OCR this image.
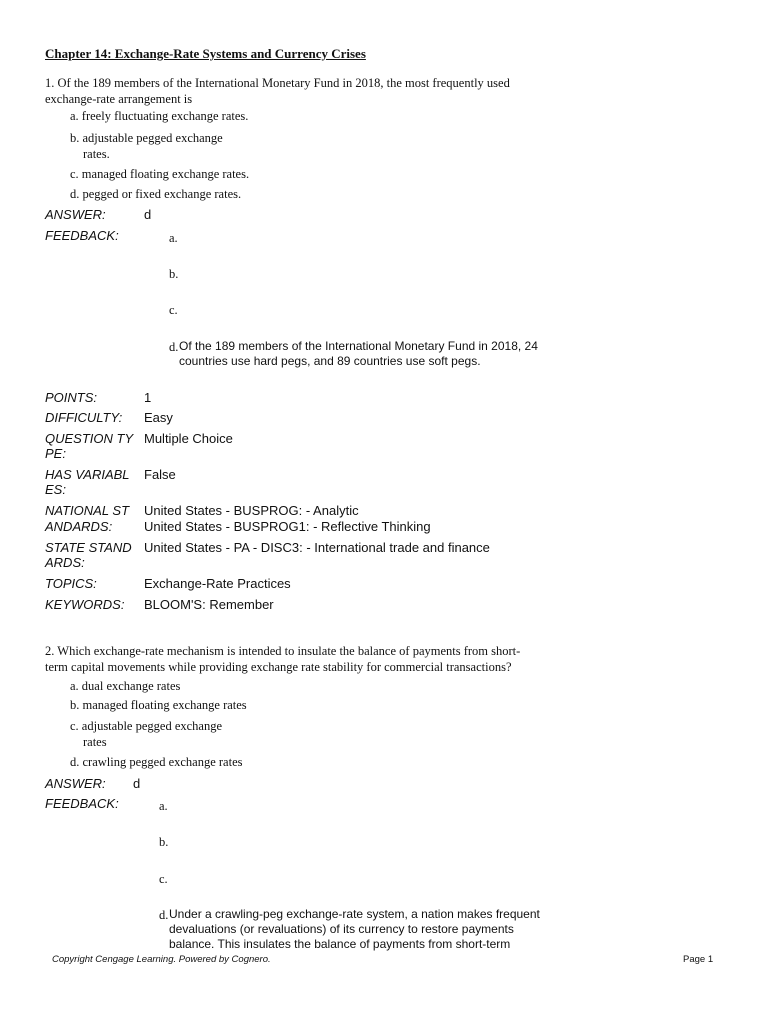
Chapter 14: Exchange-Rate Systems and Currency Crises
1. Of the 189 members of the International Monetary Fund in 2018, the most frequently used
exchange-rate arrangement is
a. freely fluctuating exchange rates.
b. adjustable pegged exchange
rates.
c. managed floating exchange rates.
d. pegged or fixed exchange rates.
ANSWER:	d
FEEDBACK:	a.
b.
c.
d. Of the 189 members of the International Monetary Fund in 2018, 24
countries use hard pegs, and 89 countries use soft pegs.
POINTS:	1
DIFFICULTY: Easy
QUESTION TY
PE:
Multiple Choice
HAS VARIABL
ES:
False
NATIONAL ST
ANDARDS:
United States - BUSPROG: - Analytic
United States - BUSPROG1: - Reflective Thinking
STATE STAND
ARDS:
United States - PA - DISC3: - International trade and finance
TOPICS:	Exchange-Rate Practices
KEYWORDS: BLOOM'S: Remember
2. Which exchange-rate mechanism is intended to insulate the balance of payments from short-
term capital movements while providing exchange rate stability for commercial transactions?
a. dual exchange rates
b. managed floating exchange rates
c. adjustable pegged exchange
rates
d. crawling pegged exchange rates
ANSWER: d
FEEDBACK:	a.
b.
c.
d. Under a crawling-peg exchange-rate system, a nation makes frequent
devaluations (or revaluations) of its currency to restore payments
balance. This insulates the balance of payments from short-term
Copyright Cengage Learning. Powered by Cognero.	Page 1
